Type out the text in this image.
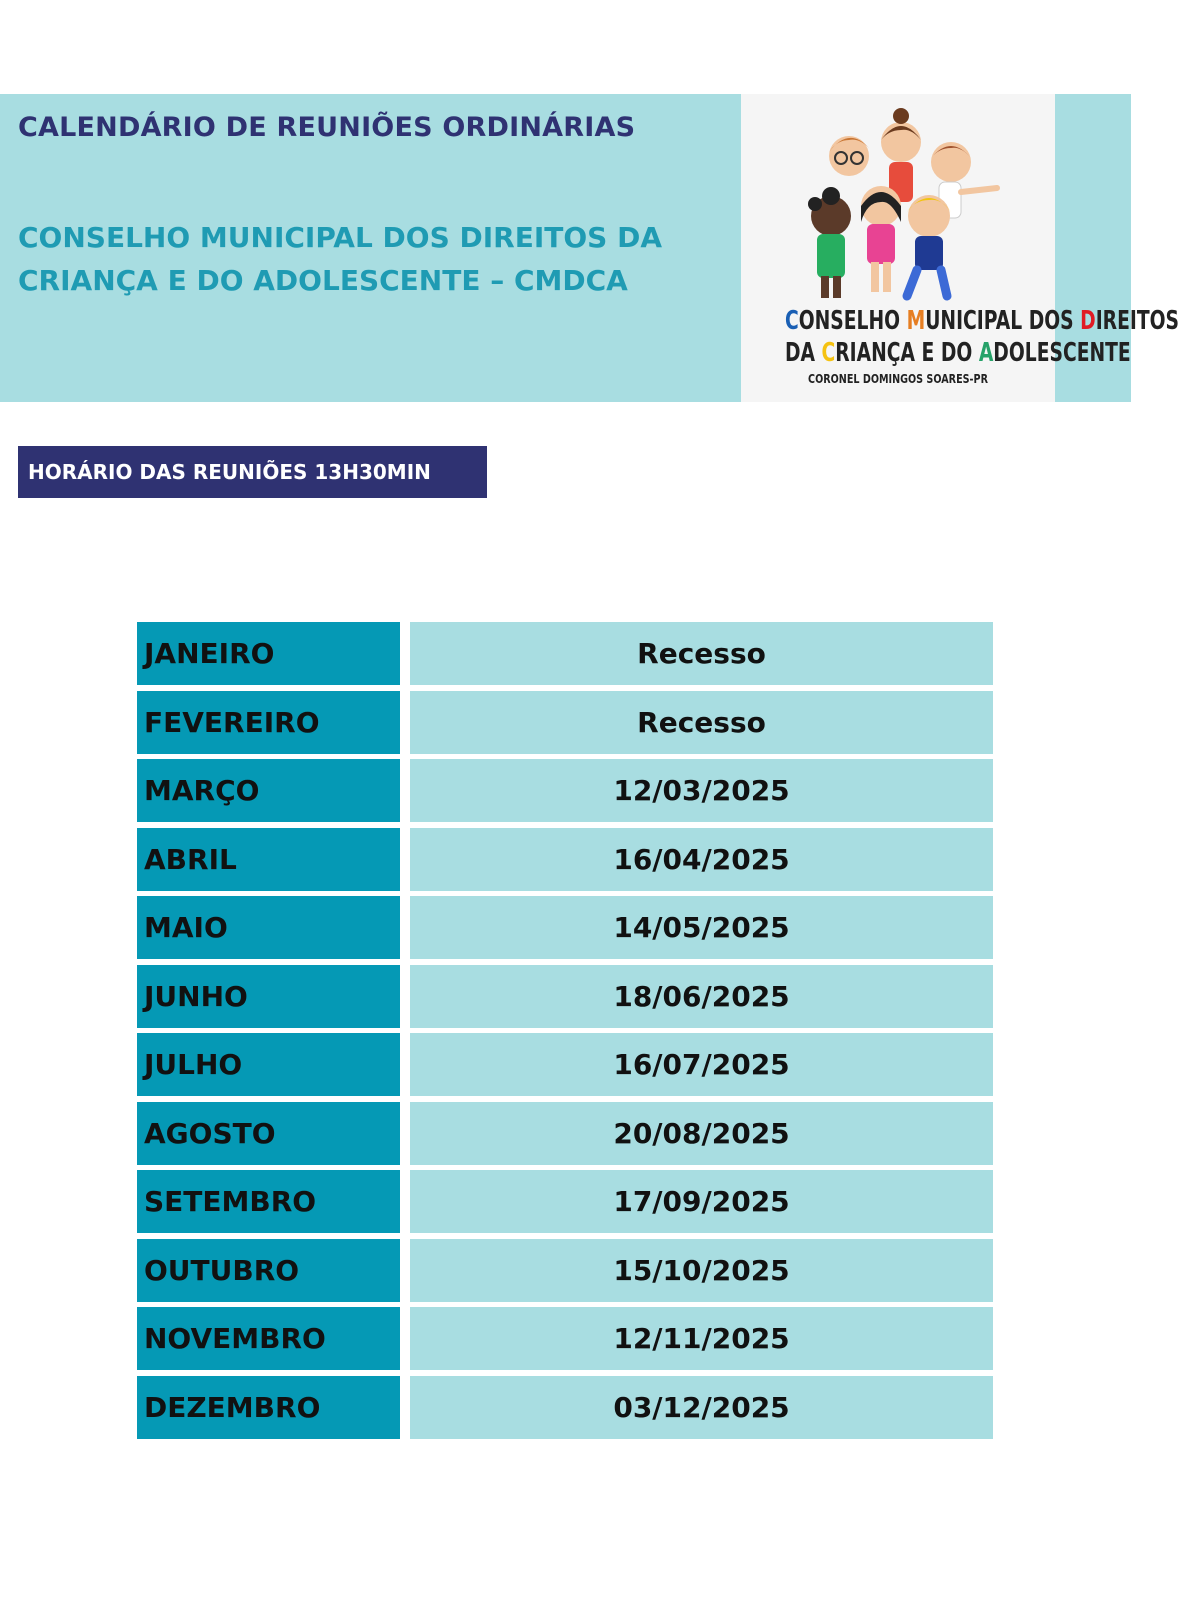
CALENDÁRIO DE REUNIÕES ORDINÁRIAS
CONSELHO MUNICIPAL DOS DIREITOS DA
CRIANÇA E DO ADOLESCENTE – CMDCA
CONSELHO MUNICIPAL DOS DIREITOS
DA CRIANÇA E DO ADOLESCENTE
CORONEL DOMINGOS SOARES-PR
HORÁRIO DAS REUNIÕES 13H30MIN
JANEIRO	Recesso
FEVEREIRO	Recesso
MARÇO	12/03/2025
ABRIL	16/04/2025
MAIO	14/05/2025
JUNHO	18/06/2025
JULHO	16/07/2025
AGOSTO	20/08/2025
SETEMBRO	17/09/2025
OUTUBRO	15/10/2025
NOVEMBRO	12/11/2025
DEZEMBRO	03/12/2025
